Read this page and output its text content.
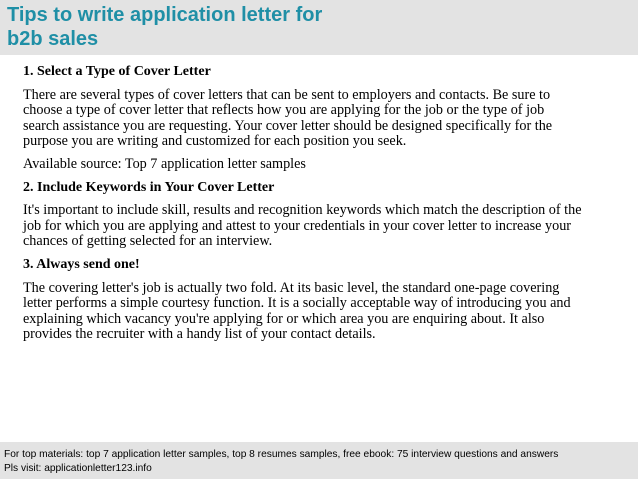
Tips to write application letter for
b2b sales

1. Select a Type of Cover Letter

There are several types of cover letters that can be sent to employers and contacts. Be sure to
choose a type of cover letter that reflects how you are applying for the job or the type of job
search assistance you are requesting. Your cover letter should be designed specifically for the
purpose you are writing and customized for each position you seek.

Available source: Top 7 application letter samples

2. Include Keywords in Your Cover Letter

It's important to include skill, results and recognition keywords which match the description of the
job for which you are applying and attest to your credentials in your cover letter to increase your
chances of getting selected for an interview.

3. Always send one!

The covering letter's job is actually two fold. At its basic level, the standard one-page covering
letter performs a simple courtesy function. It is a socially acceptable way of introducing you and
explaining which vacancy you're applying for or which area you are enquiring about. It also
provides the recruiter with a handy list of your contact details.

For top materials: top 7 application letter samples, top 8 resumes samples, free ebook: 75 interview questions and answers
Pls visit: applicationletter123.info
